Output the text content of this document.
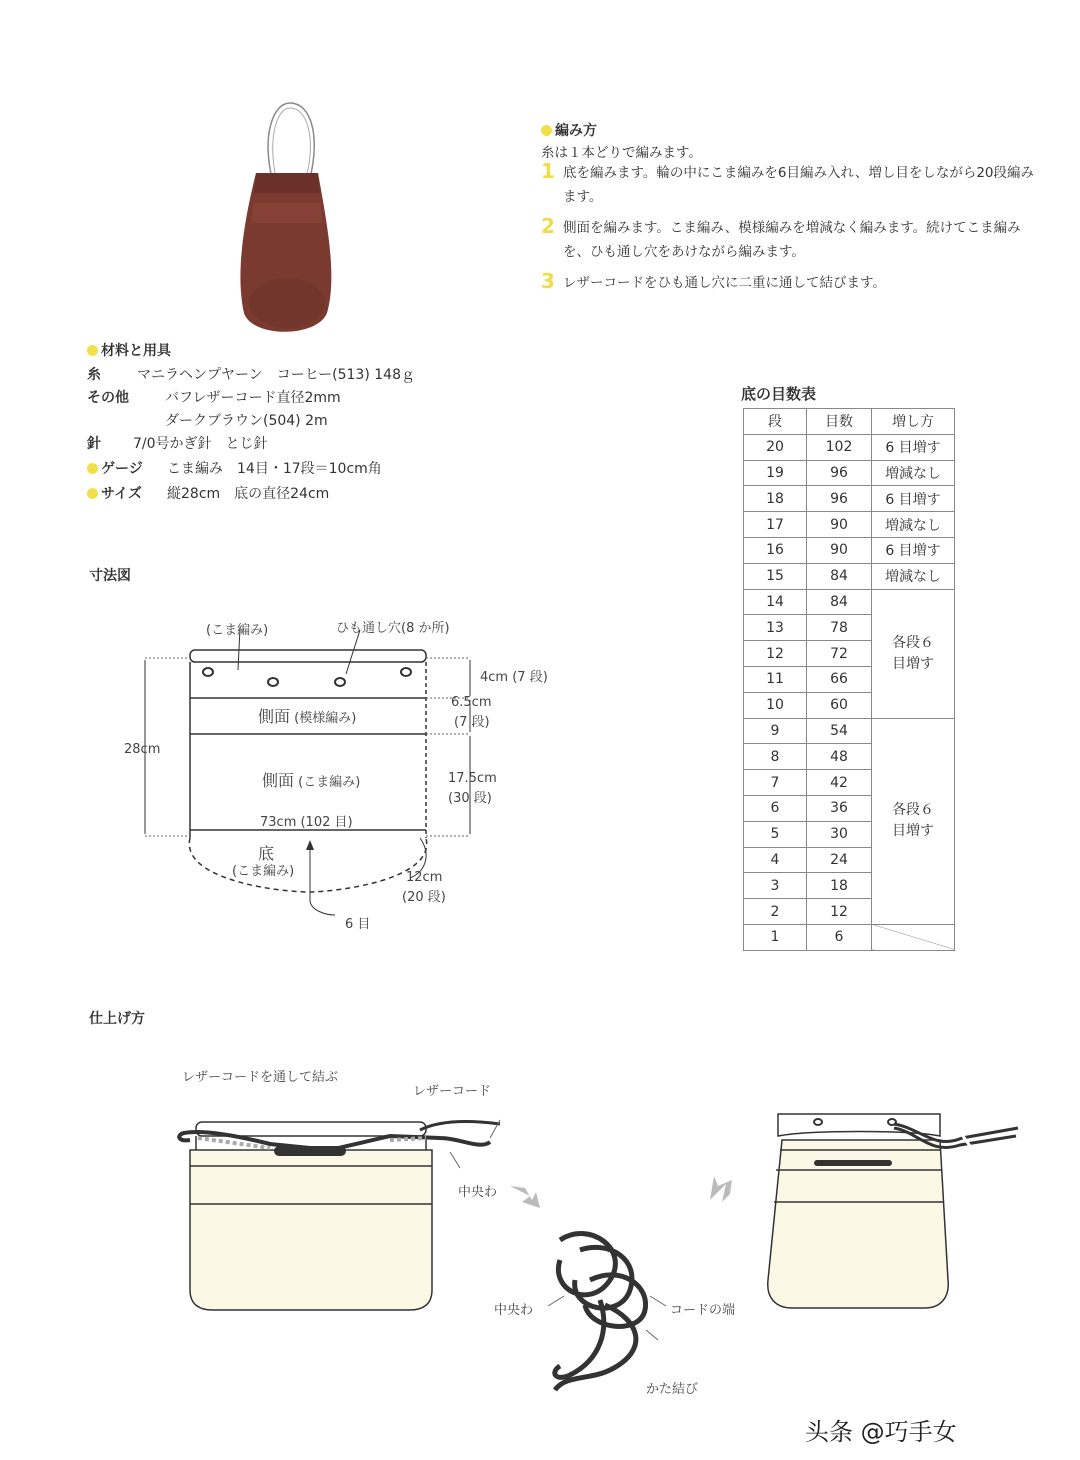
編み方
糸は１本どりで編みます。
1 底を編みます。輪の中にこま編みを6目編み入れ、増し目をしながら20段編みます。
2 側面を編みます。こま編み、模様編みを増減なく編みます。続けてこま編みを、ひも通し穴をあけながら編みます。
3 レザーコードをひも通し穴に二重に通して結びます。
材料と用具
糸	マニラヘンプヤーン　コーヒー(513) 148ｇ
その他	バフレザーコード直径2mm
ダークブラウン(504) 2m
針 7/0号かぎ針　とじ針
ゲージ こま編み　14目・17段＝10cm角
サイズ 縦28cm　底の直径24cm
底の目数表
段	目数	増し方
20	102	6 目増す
19	96	増減なし
18	96	6 目増す
17	90	増減なし
16	90	6 目増す
15	84	増減なし
14	84	各段６目増す
13	78	
12	72	
11	66	
10	60	
9	54	各段６目増す
8	48	
7	42	
6	36	
5	30	
4	24	
3	18	
2	12	
1	6	
寸法図
(こま編み)	ひも通し穴(8 か所)
4cm (7 段)
6.5cm
(7 段)
17.5cm
(30 段)
28cm
側面 (模様編み)
側面 (こま編み)
73cm (102 目)
底
(こま編み)	12cm
(20 段)
6 目
仕上げ方
レザーコードを通して結ぶ
レザーコード
中央わ
中央わ	コードの端
かた結び
头条 @巧手女
